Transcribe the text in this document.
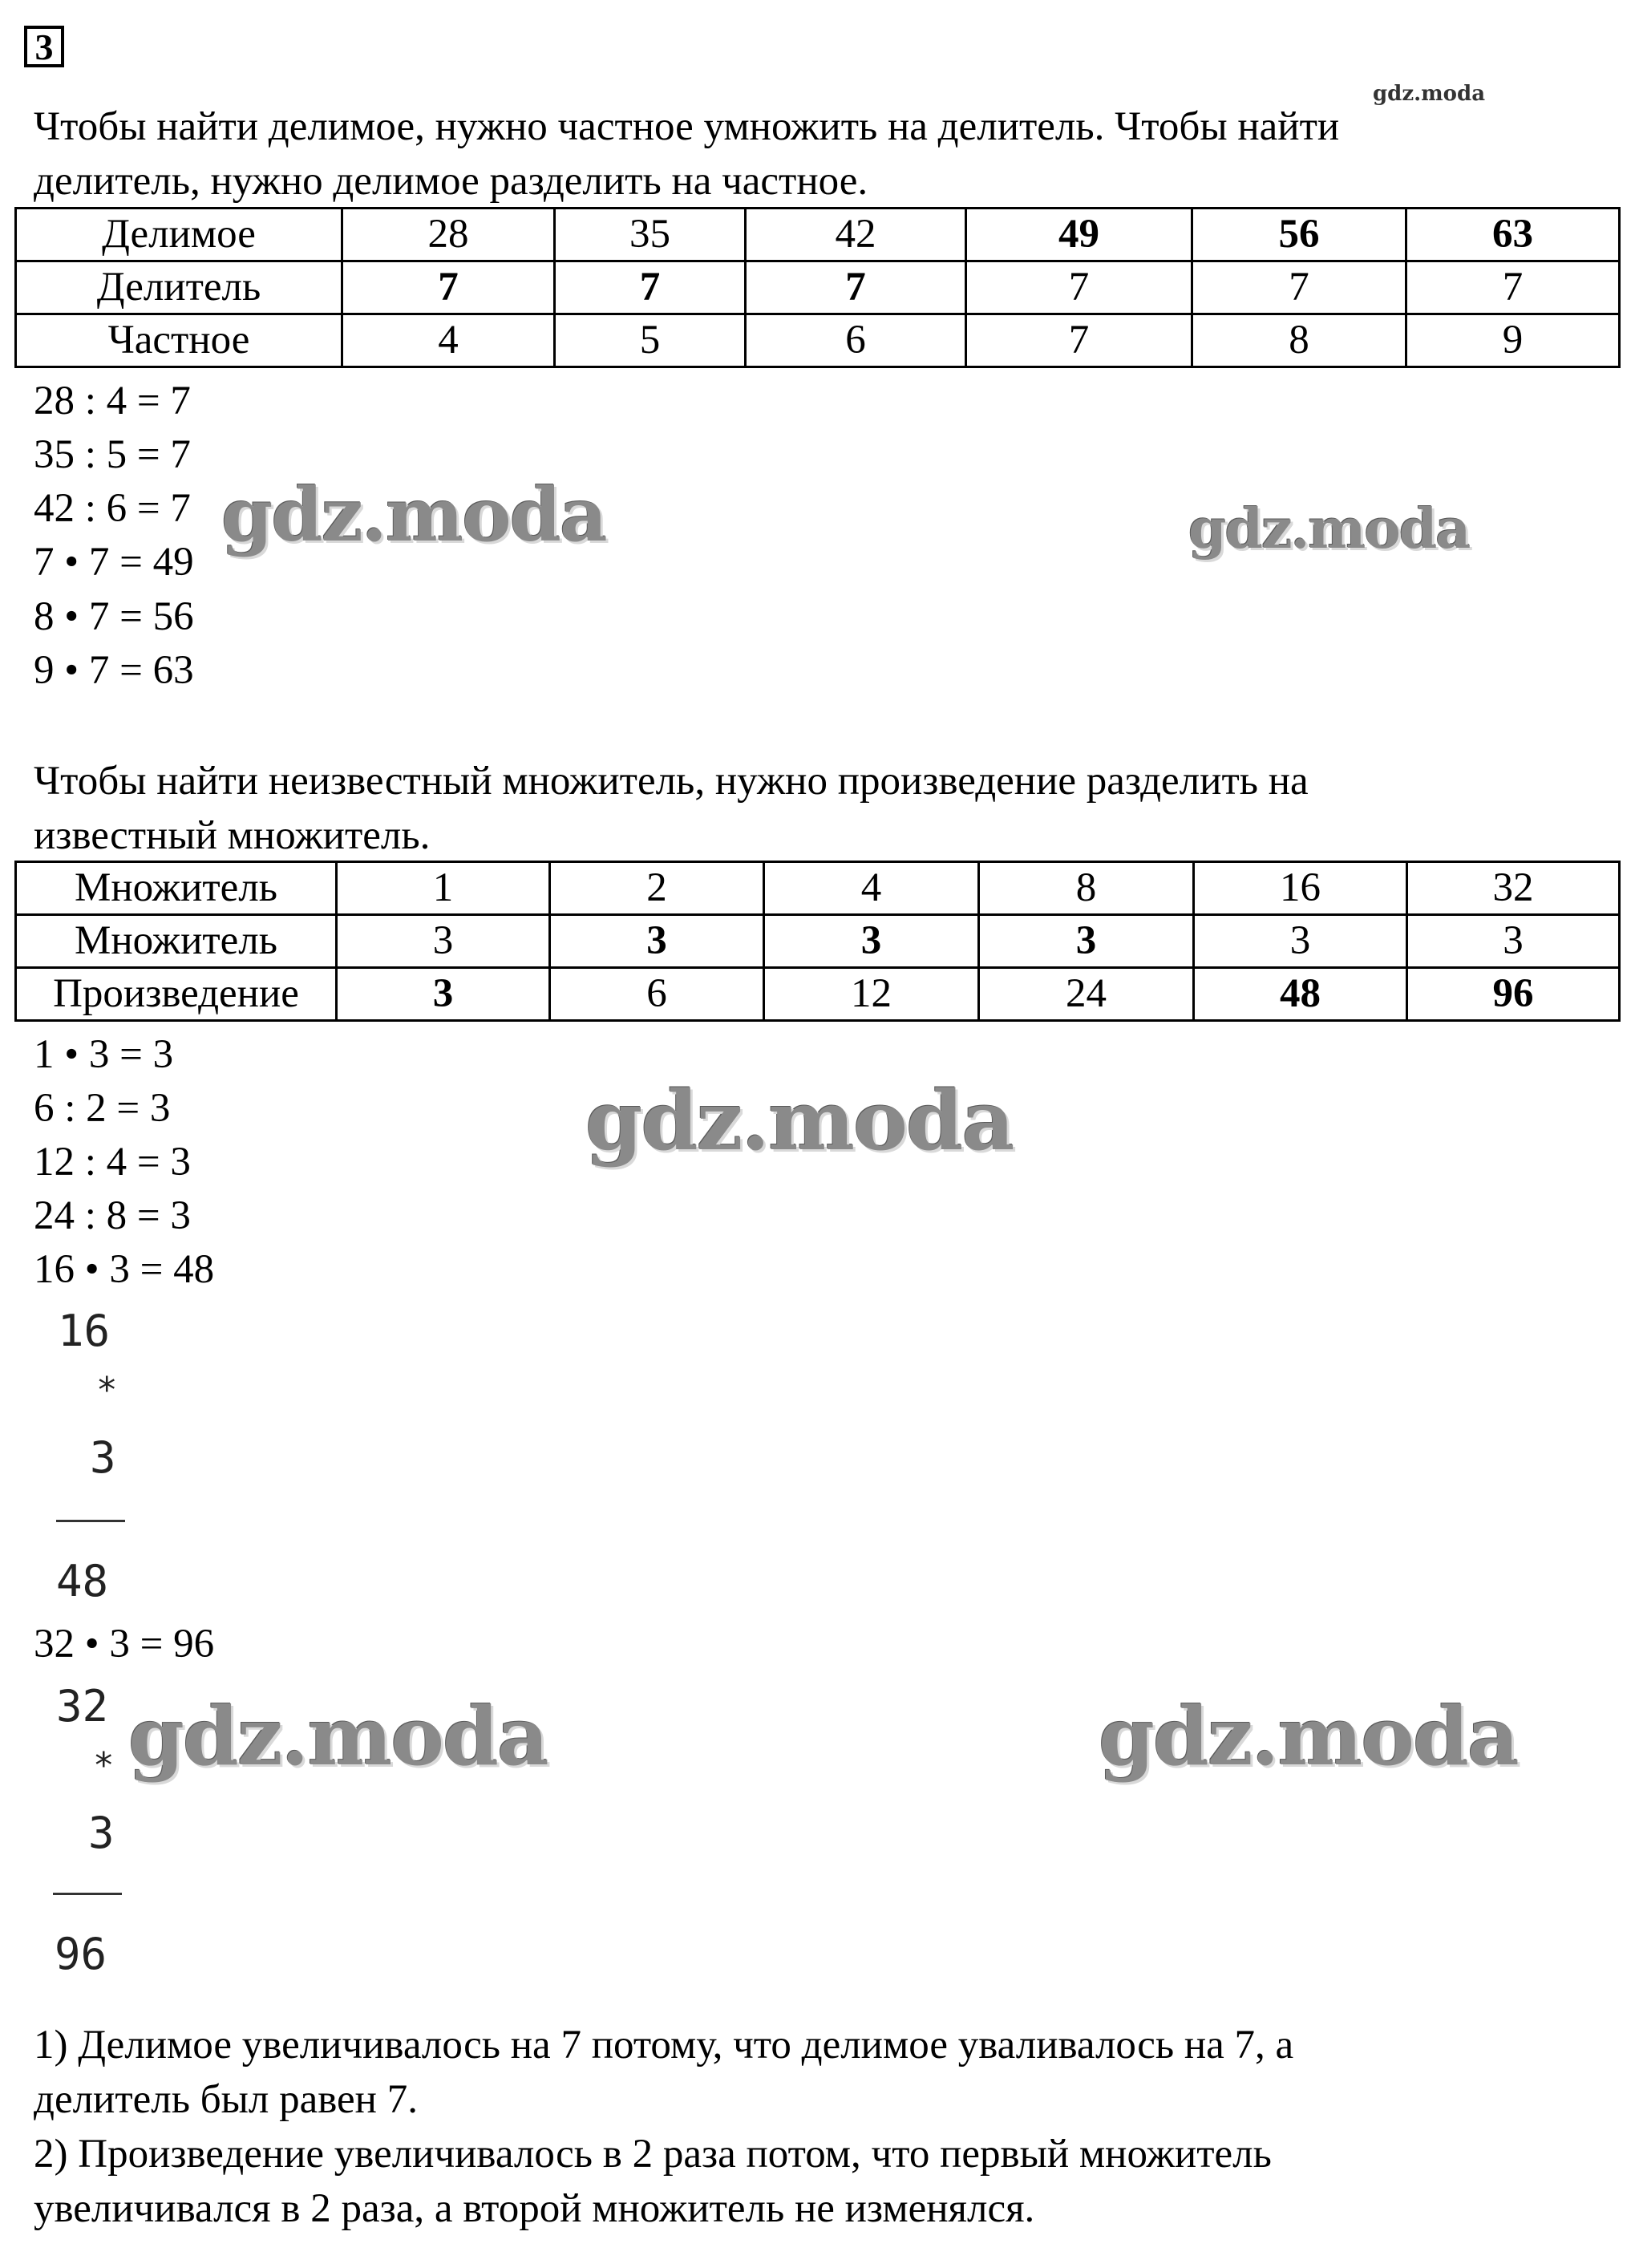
3
gdz.moda
Чтобы найти делимое, нужно частное умножить на делитель. Чтобы найти
делитель, нужно делимое разделить на частное.
Делимое	28	35	42	49	56	63
Делитель	7	7	7	7	7	7
Частное	4	5	6	7	8	9
28 : 4 = 7
35 : 5 = 7
42 : 6 = 7
7 • 7 = 49
8 • 7 = 56
9 • 7 = 63
gdz.moda	gdz.moda
Чтобы найти неизвестный множитель, нужно произведение разделить на
известный множитель.
Множитель	1	2	4	8	16	32
Множитель	3	3	3	3	3	3
Произведение	3	6	12	24	48	96
1 • 3 = 3
6 : 2 = 3
12 : 4 = 3
24 : 8 = 3
16 • 3 = 48
16
*
3
48
32 • 3 = 96
32
*
3
96
gdz.moda
gdz.moda	gdz.moda
1) Делимое увеличивалось на 7 потому, что делимое уваливалось на 7, а
делитель был равен 7.
2) Произведение увеличивалось в 2 раза потом, что первый множитель
увеличивался в 2 раза, а второй множитель не изменялся.
